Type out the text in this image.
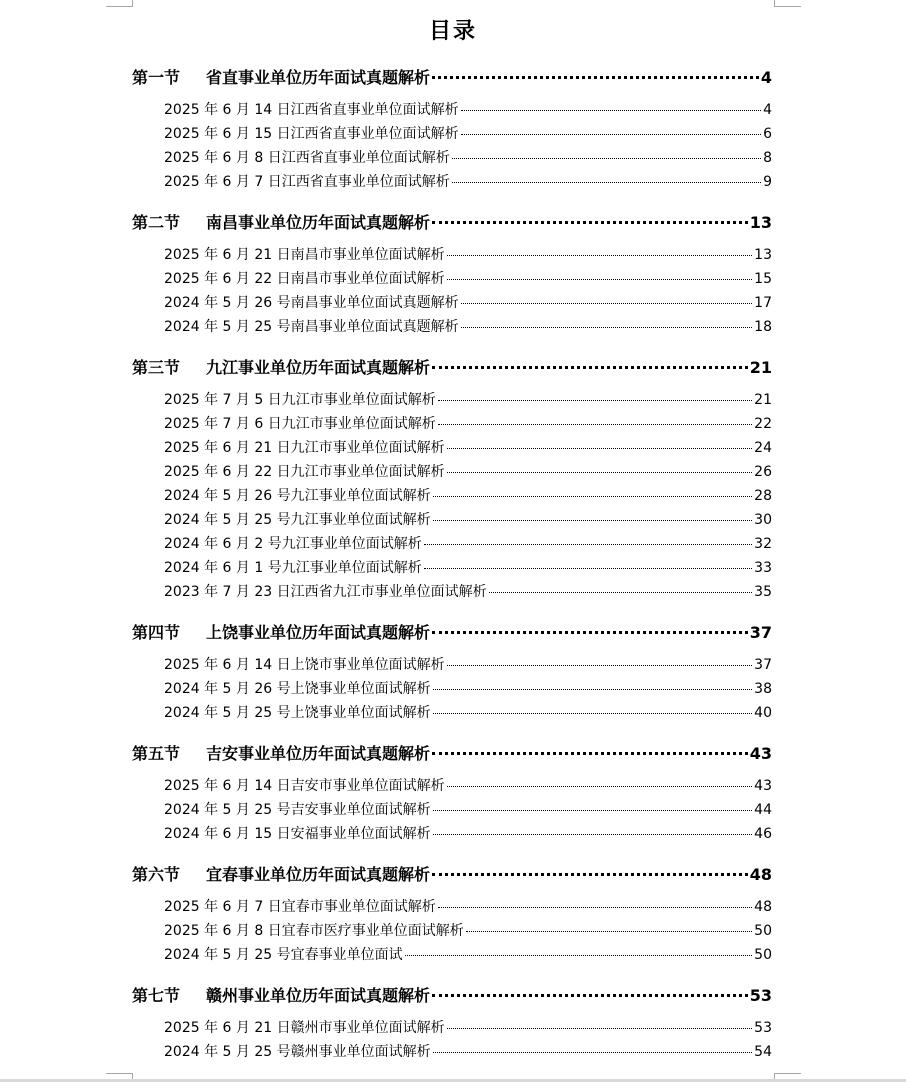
目录
第一节 省直事业单位历年面试真题解析	4
2025 年 6 月 14 日江西省直事业单位面试解析	4
2025 年 6 月 15 日江西省直事业单位面试解析	6
2025 年 6 月 8 日江西省直事业单位面试解析	8
2025 年 6 月 7 日江西省直事业单位面试解析	9
第二节 南昌事业单位历年面试真题解析	13
2025 年 6 月 21 日南昌市事业单位面试解析	13
2025 年 6 月 22 日南昌市事业单位面试解析	15
2024 年 5 月 26 号南昌事业单位面试真题解析	17
2024 年 5 月 25 号南昌事业单位面试真题解析	18
第三节 九江事业单位历年面试真题解析	21
2025 年 7 月 5 日九江市事业单位面试解析	21
2025 年 7 月 6 日九江市事业单位面试解析	22
2025 年 6 月 21 日九江市事业单位面试解析	24
2025 年 6 月 22 日九江市事业单位面试解析	26
2024 年 5 月 26 号九江事业单位面试解析	28
2024 年 5 月 25 号九江事业单位面试解析	30
2024 年 6 月 2 号九江事业单位面试解析	32
2024 年 6 月 1 号九江事业单位面试解析	33
2023 年 7 月 23 日江西省九江市事业单位面试解析	35
第四节 上饶事业单位历年面试真题解析	37
2025 年 6 月 14 日上饶市事业单位面试解析	37
2024 年 5 月 26 号上饶事业单位面试解析	38
2024 年 5 月 25 号上饶事业单位面试解析	40
第五节 吉安事业单位历年面试真题解析	43
2025 年 6 月 14 日吉安市事业单位面试解析	43
2024 年 5 月 25 号吉安事业单位面试解析	44
2024 年 6 月 15 日安福事业单位面试解析	46
第六节 宜春事业单位历年面试真题解析	48
2025 年 6 月 7 日宜春市事业单位面试解析	48
2025 年 6 月 8 日宜春市医疗事业单位面试解析	50
2024 年 5 月 25 号宜春事业单位面试	50
第七节 赣州事业单位历年面试真题解析	53
2025 年 6 月 21 日赣州市事业单位面试解析	53
2024 年 5 月 25 号赣州事业单位面试解析	54
